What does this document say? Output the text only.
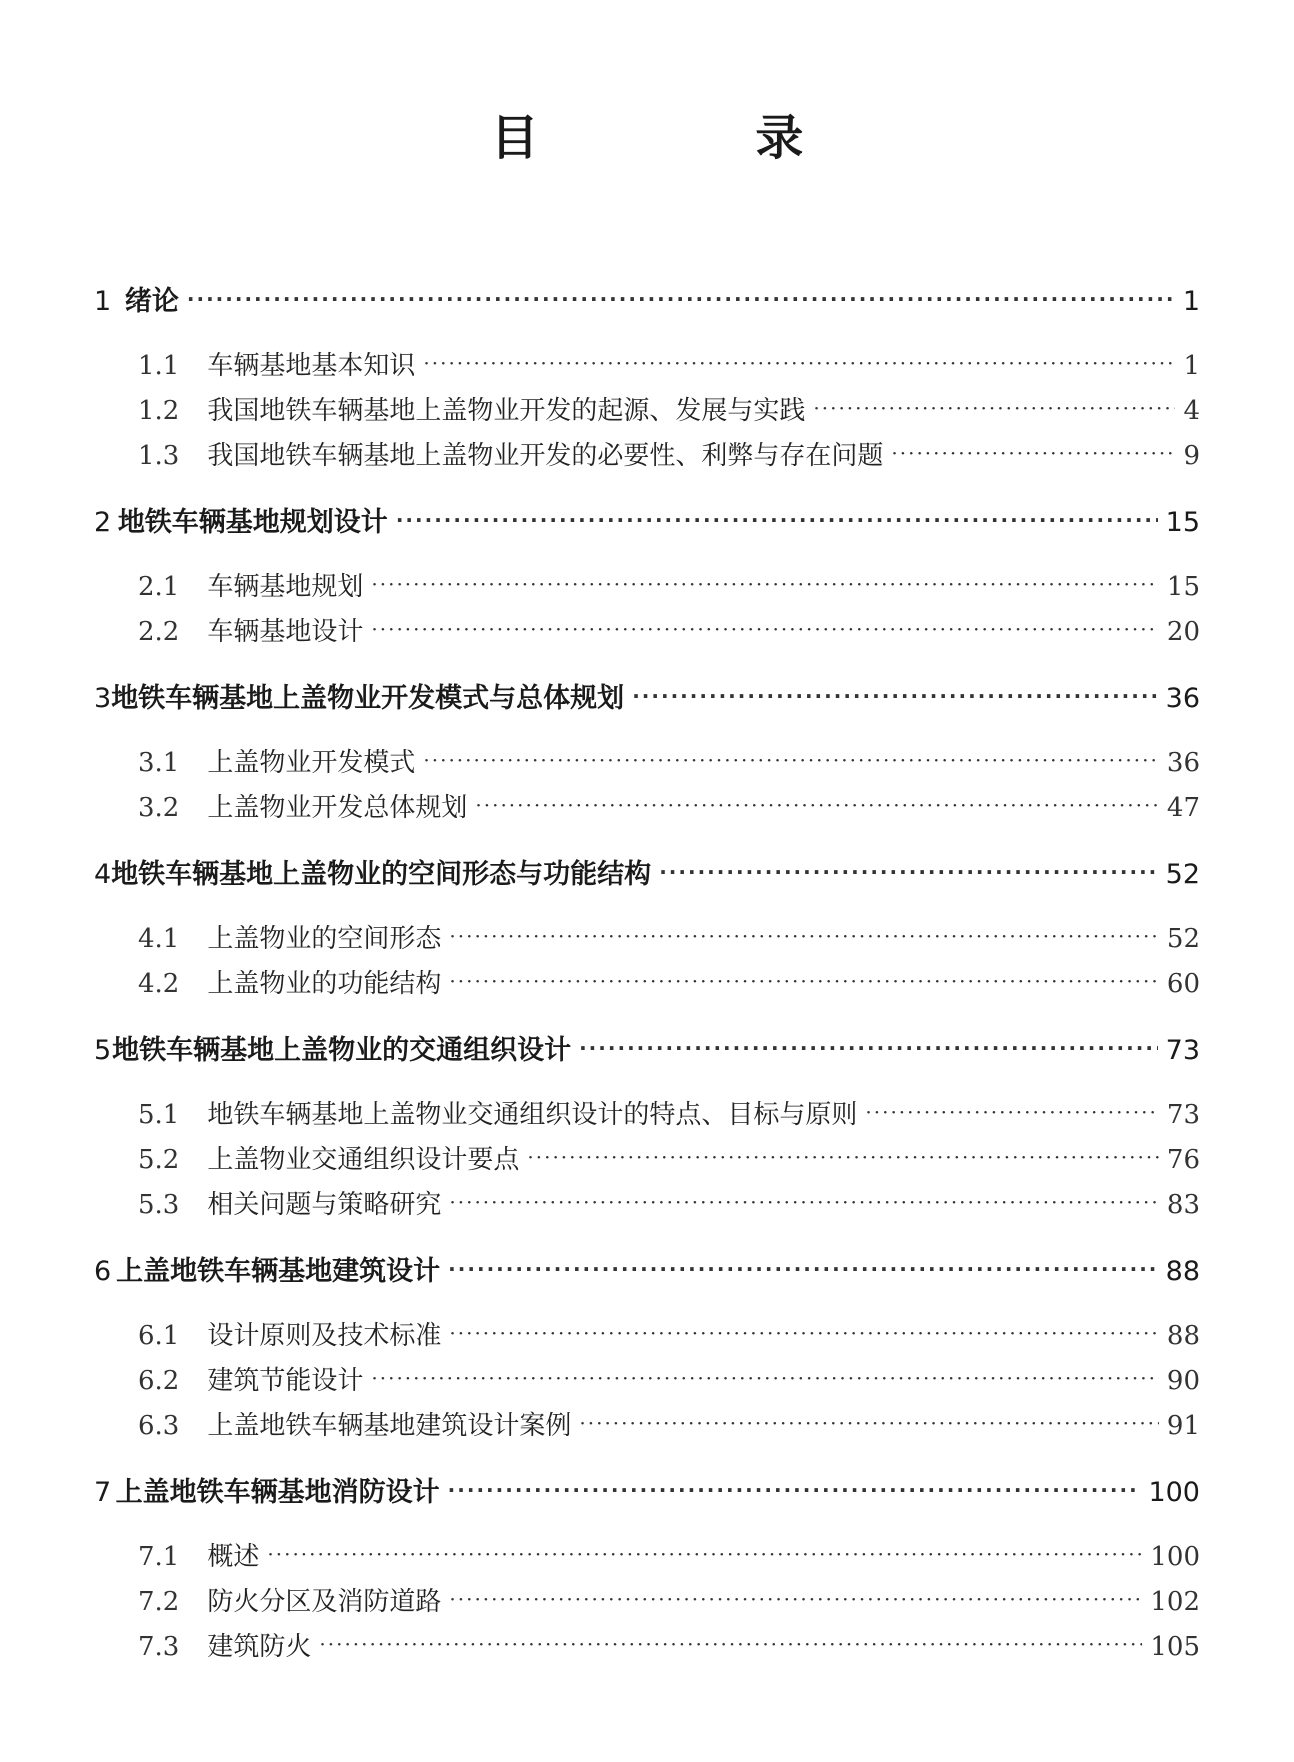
目 录
1 绪论 ·····	1
1.1 车辆基地基本知识 ·····	1
1.2 我国地铁车辆基地上盖物业开发的起源、发展与实践 ·····	4
1.3 我国地铁车辆基地上盖物业开发的必要性、利弊与存在问题 ·····	9
2 地铁车辆基地规划设计 ·····	15
2.1 车辆基地规划 ·····	15
2.2 车辆基地设计 ·····	20
3 地铁车辆基地上盖物业开发模式与总体规划 ·····	36
3.1 上盖物业开发模式 ·····	36
3.2 上盖物业开发总体规划 ·····	47
4 地铁车辆基地上盖物业的空间形态与功能结构 ·····	52
4.1 上盖物业的空间形态 ·····	52
4.2 上盖物业的功能结构 ·····	60
5 地铁车辆基地上盖物业的交通组织设计 ·····	73
5.1 地铁车辆基地上盖物业交通组织设计的特点、目标与原则 ·····	73
5.2 上盖物业交通组织设计要点 ·····	76
5.3 相关问题与策略研究 ·····	83
6 上盖地铁车辆基地建筑设计 ·····	88
6.1 设计原则及技术标准 ·····	88
6.2 建筑节能设计 ·····	90
6.3 上盖地铁车辆基地建筑设计案例 ·····	91
7 上盖地铁车辆基地消防设计 ·····	100
7.1 概述 ·····	100
7.2 防火分区及消防道路 ·····	102
7.3 建筑防火 ·····	105
